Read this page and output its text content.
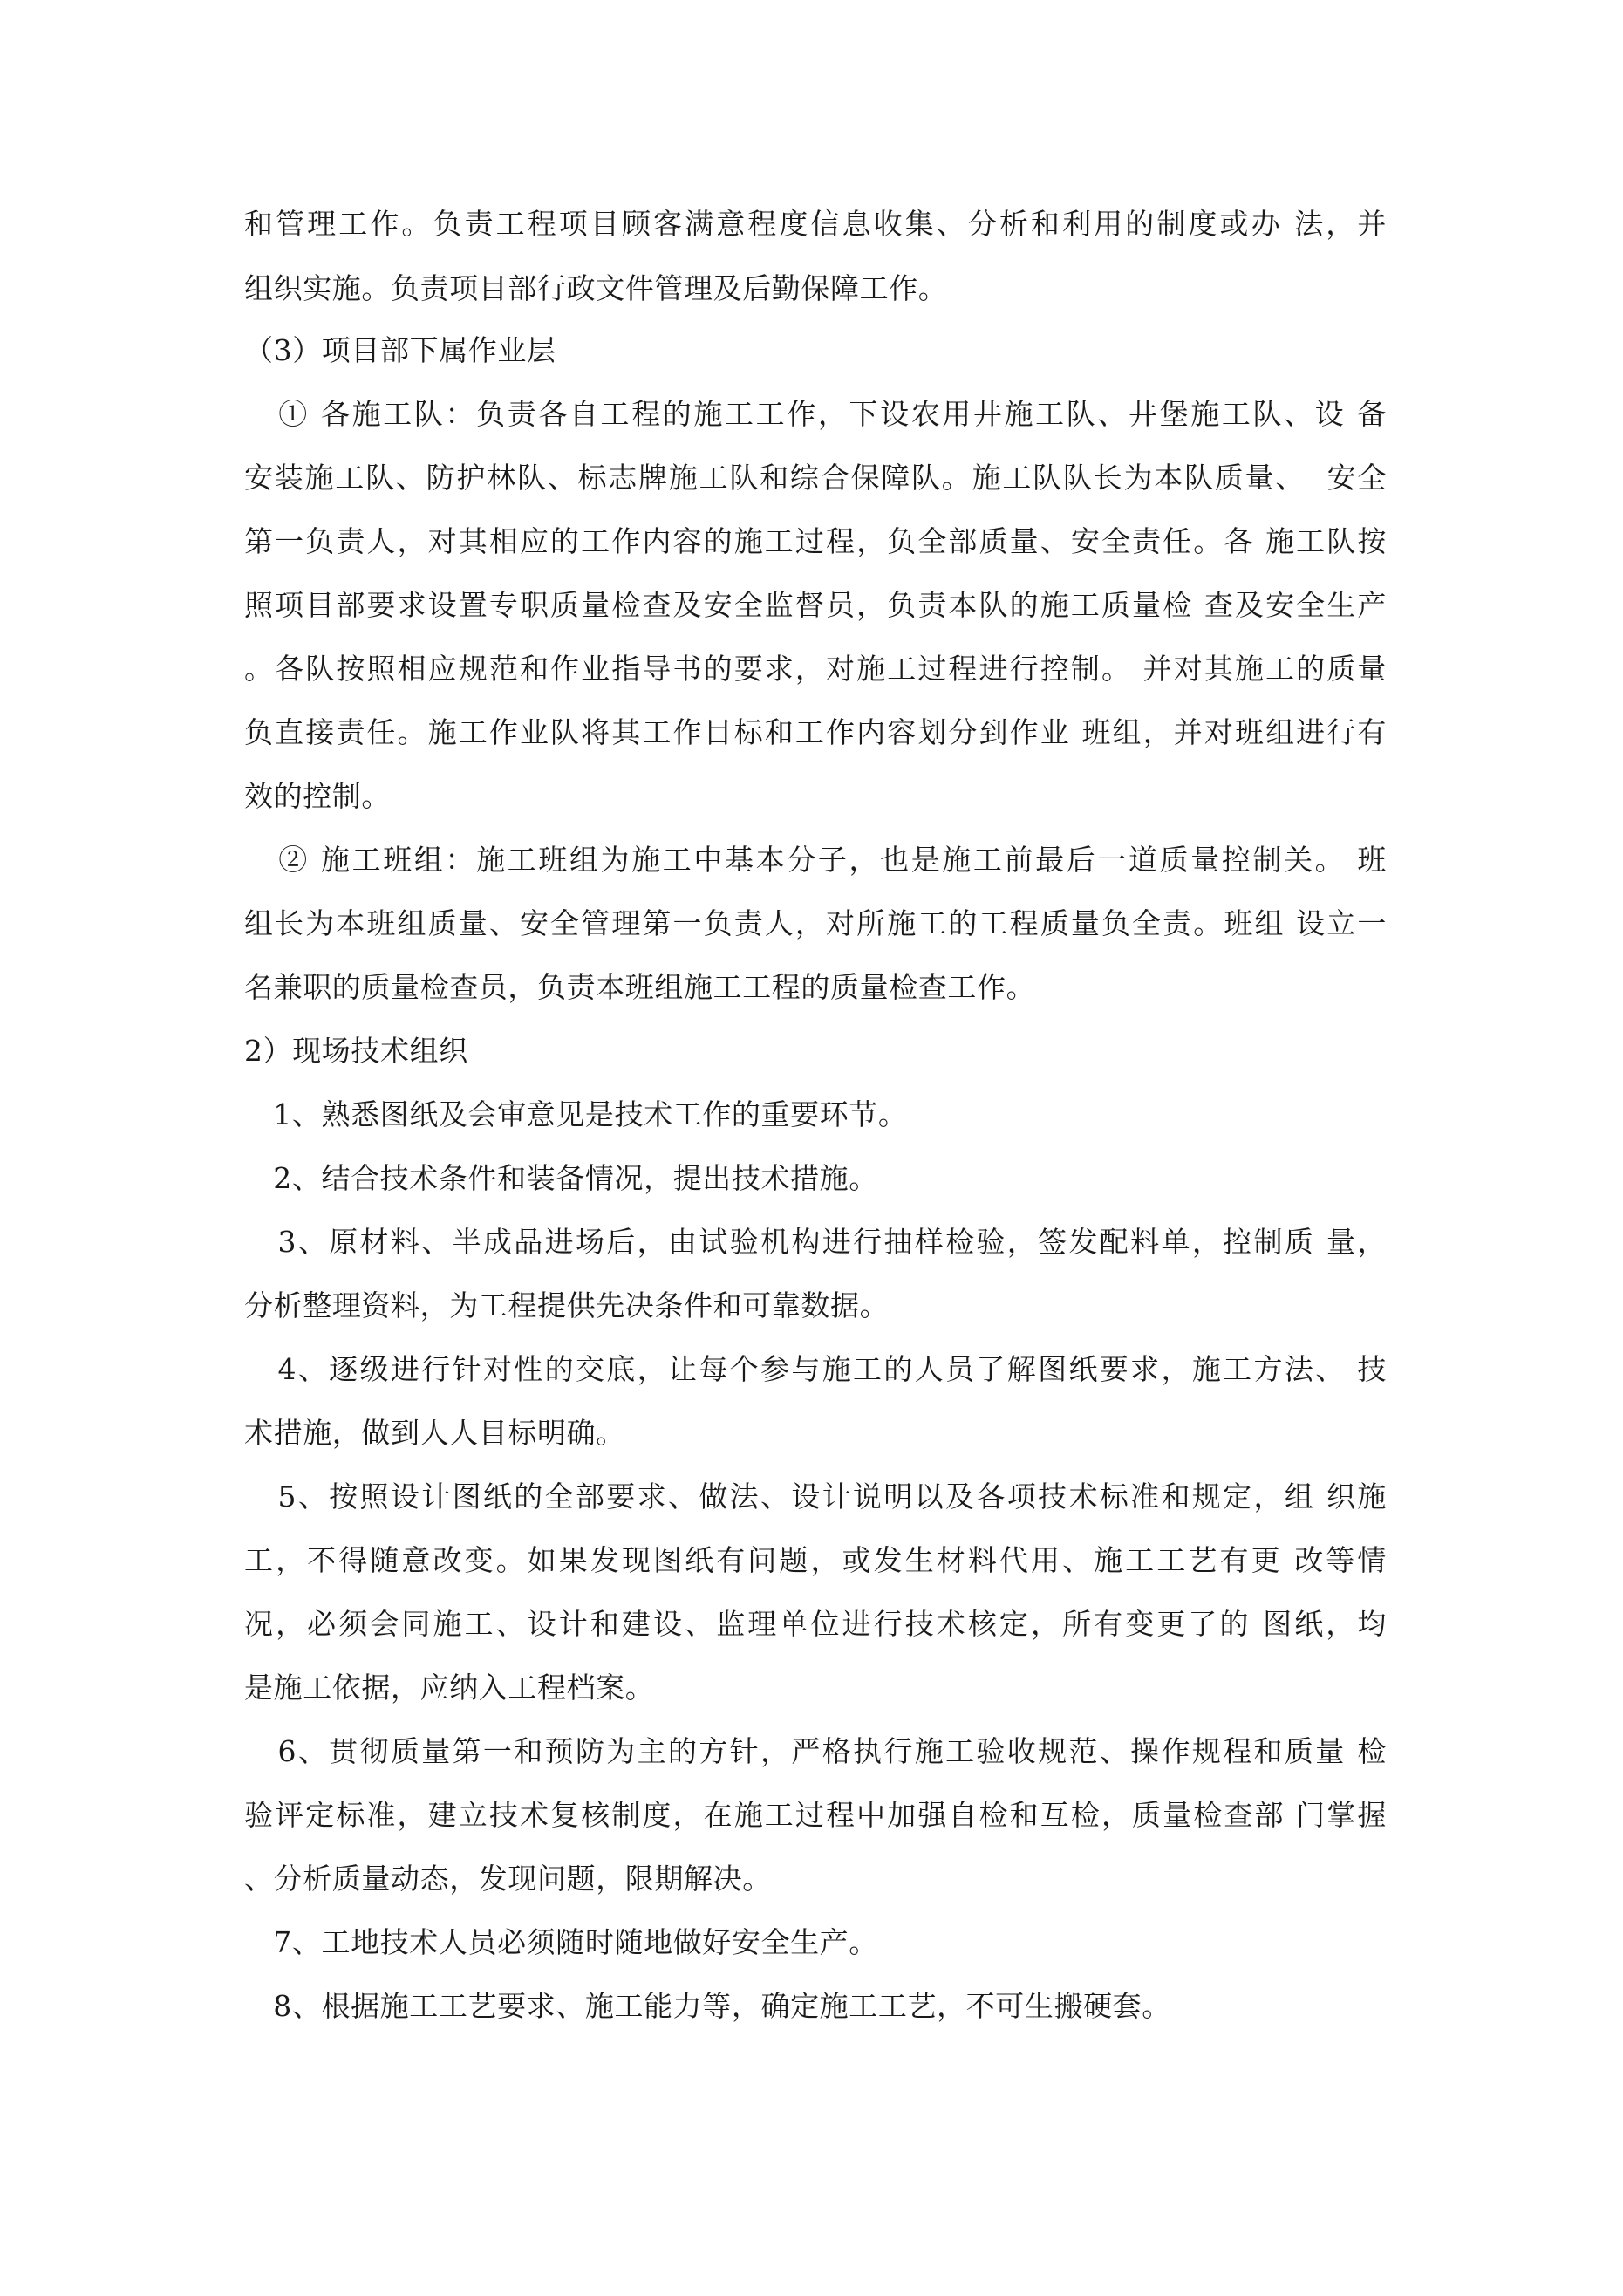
和管理工作。负责工程项目顾客满意程度信息收集、分析和利用的制度或办 法，并
组织实施。负责项目部行政文件管理及后勤保障工作。
（3）项目部下属作业层
① 各施工队：负责各自工程的施工工作，下设农用井施工队、井堡施工队、设 备
安装施工队、防护林队、标志牌施工队和综合保障队。施工队队长为本队质量、  安全
第一负责人，对其相应的工作内容的施工过程，负全部质量、安全责任。各 施工队按
照项目部要求设置专职质量检查及安全监督员，负责本队的施工质量检 查及安全生产
。各队按照相应规范和作业指导书的要求，对施工过程进行控制。 并对其施工的质量
负直接责任。施工作业队将其工作目标和工作内容划分到作业 班组，并对班组进行有
效的控制。
② 施工班组：施工班组为施工中基本分子，也是施工前最后一道质量控制关。 班
组长为本班组质量、安全管理第一负责人，对所施工的工程质量负全责。班组 设立一
名兼职的质量检查员，负责本班组施工工程的质量检查工作。
2）现场技术组织
1、熟悉图纸及会审意见是技术工作的重要环节。
2、结合技术条件和装备情况，提出技术措施。
3、原材料、半成品进场后，由试验机构进行抽样检验，签发配料单，控制质 量，
分析整理资料，为工程提供先决条件和可靠数据。
4、逐级进行针对性的交底，让每个参与施工的人员了解图纸要求，施工方法、 技
术措施，做到人人目标明确。
5、按照设计图纸的全部要求、做法、设计说明以及各项技术标准和规定，组 织施
工，不得随意改变。如果发现图纸有问题，或发生材料代用、施工工艺有更 改等情
况，必须会同施工、设计和建设、监理单位进行技术核定，所有变更了的 图纸，均
是施工依据，应纳入工程档案。
6、贯彻质量第一和预防为主的方针，严格执行施工验收规范、操作规程和质量 检
验评定标准，建立技术复核制度，在施工过程中加强自检和互检，质量检查部 门掌握
、分析质量动态，发现问题，限期解决。
7、工地技术人员必须随时随地做好安全生产。
8、根据施工工艺要求、施工能力等，确定施工工艺，不可生搬硬套。
